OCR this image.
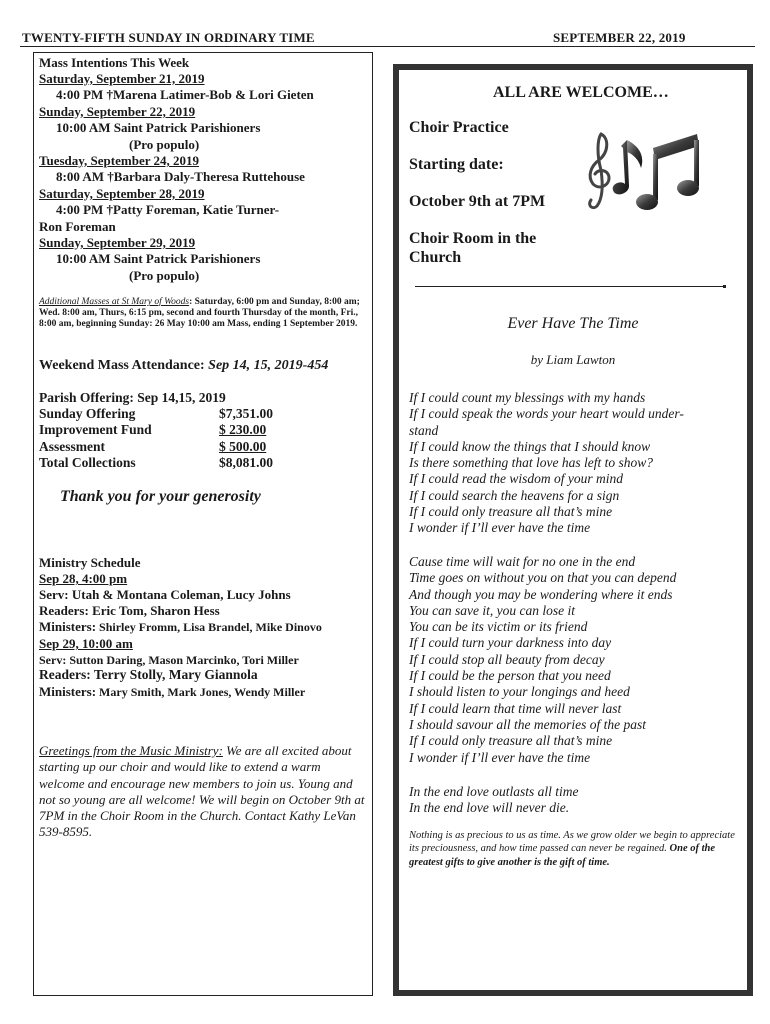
TWENTY-FIFTH SUNDAY IN ORDINARY TIME	SEPTEMBER 22, 2019
Mass Intentions This Week
Saturday, September 21, 2019
4:00 PM †Marena Latimer-Bob & Lori Gieten
Sunday, September 22, 2019
10:00 AM Saint Patrick Parishioners
(Pro populo)
Tuesday, September 24, 2019
8:00 AM †Barbara Daly-Theresa Ruttehouse
Saturday, September 28, 2019
4:00 PM †Patty Foreman, Katie Turner-
Ron Foreman
Sunday, September 29, 2019
10:00 AM Saint Patrick Parishioners
(Pro populo)
Additional Masses at St Mary of Woods: Saturday, 6:00 pm and Sunday, 8:00 am; Wed. 8:00 am, Thurs, 6:15 pm, second and fourth Thursday of the month, Fri., 8:00 am, beginning Sunday: 26 May 10:00 am Mass, ending 1 September 2019.
Weekend Mass Attendance: Sep 14, 15, 2019-454
Parish Offering: Sep 14,15, 2019
Sunday Offering	$7,351.00
Improvement Fund	$ 230.00
Assessment	$ 500.00
Total Collections	$8,081.00
Thank you for your generosity
Ministry Schedule
Sep 28, 4:00 pm
Serv: Utah & Montana Coleman, Lucy Johns
Readers: Eric Tom, Sharon Hess
Ministers: Shirley Fromm, Lisa Brandel, Mike Dinovo
Sep 29, 10:00 am
Serv: Sutton Daring, Mason Marcinko, Tori Miller
Readers: Terry Stolly, Mary Giannola
Ministers: Mary Smith, Mark Jones, Wendy Miller
Greetings from the Music Ministry: We are all excited about starting up our choir and would like to extend a warm welcome and encourage new members to join us. Young and not so young are all welcome! We will begin on October 9th at 7PM in the Choir Room in the Church. Contact Kathy LeVan 539-8595.
ALL ARE WELCOME…
Choir Practice
Starting date:
October 9th at 7PM
Choir Room in the
Church
Ever Have The Time
by Liam Lawton
If I could count my blessings with my hands
If I could speak the words your heart would under-
stand
If I could know the things that I should know
Is there something that love has left to show?
If I could read the wisdom of your mind
If I could search the heavens for a sign
If I could only treasure all that’s mine
I wonder if I’ll ever have the time
Cause time will wait for no one in the end
Time goes on without you on that you can depend
And though you may be wondering where it ends
You can save it, you can lose it
You can be its victim or its friend
If I could turn your darkness into day
If I could stop all beauty from decay
If I could be the person that you need
I should listen to your longings and heed
If I could learn that time will never last
I should savour all the memories of the past
If I could only treasure all that’s mine
I wonder if I’ll ever have the time
In the end love outlasts all time
In the end love will never die.
Nothing is as precious to us as time. As we grow older we begin to appreciate its preciousness, and how time passed can never be regained. One of the greatest gifts to give another is the gift of time.
